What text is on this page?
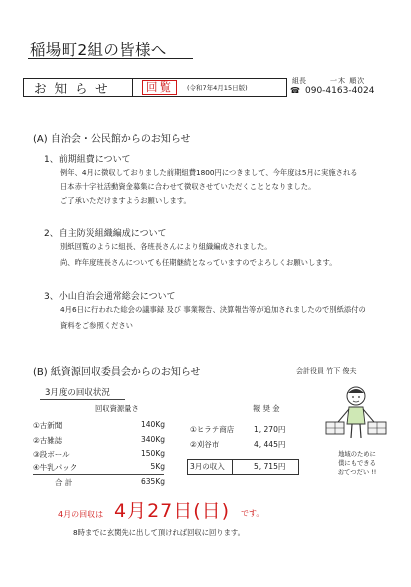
稲場町2組の皆様へ
お知らせ	回覧	(令和7年4月15日版)
組長	一木 順次
☎ 090-4163-4024
(A) 自治会・公民館からのお知らせ
1、前期組費について
例年、4月に徴収しておりました前期組費1800円につきまして、今年度は5月に実施される
日本赤十字社活動資金募集に合わせて徴収させていただくこととなりました。
ご了承いただけますようお願いします。
2、自主防災組織編成について
別紙回覧のように組長、各班長さんにより組織編成されました。
尚、昨年度班長さんについても任期継続となっていますのでよろしくお願いします。
3、小山自治会通常総会について
4月6日に行われた総会の議事録 及び 事業報告、決算報告等が追加されましたので別紙添付の
資料をご参照ください
(B) 紙資源回収委員会からのお知らせ	会計役員 竹下 俊夫
3月度の回収状況
回収資源量さ	報 奨 金
①古新聞	140Kg
②古雑誌	340Kg
③段ボール	150Kg
④牛乳パック	5Kg
合 計	635Kg
①ヒラテ商店	1, 270円
②刈谷市	4, 445円
3月の収入	5, 715円
地域のために
僕にもできる
おてつだい !!
4月の回収は 4月27日(日) です。
8時までに玄関先に出して頂ければ回収に回ります。
